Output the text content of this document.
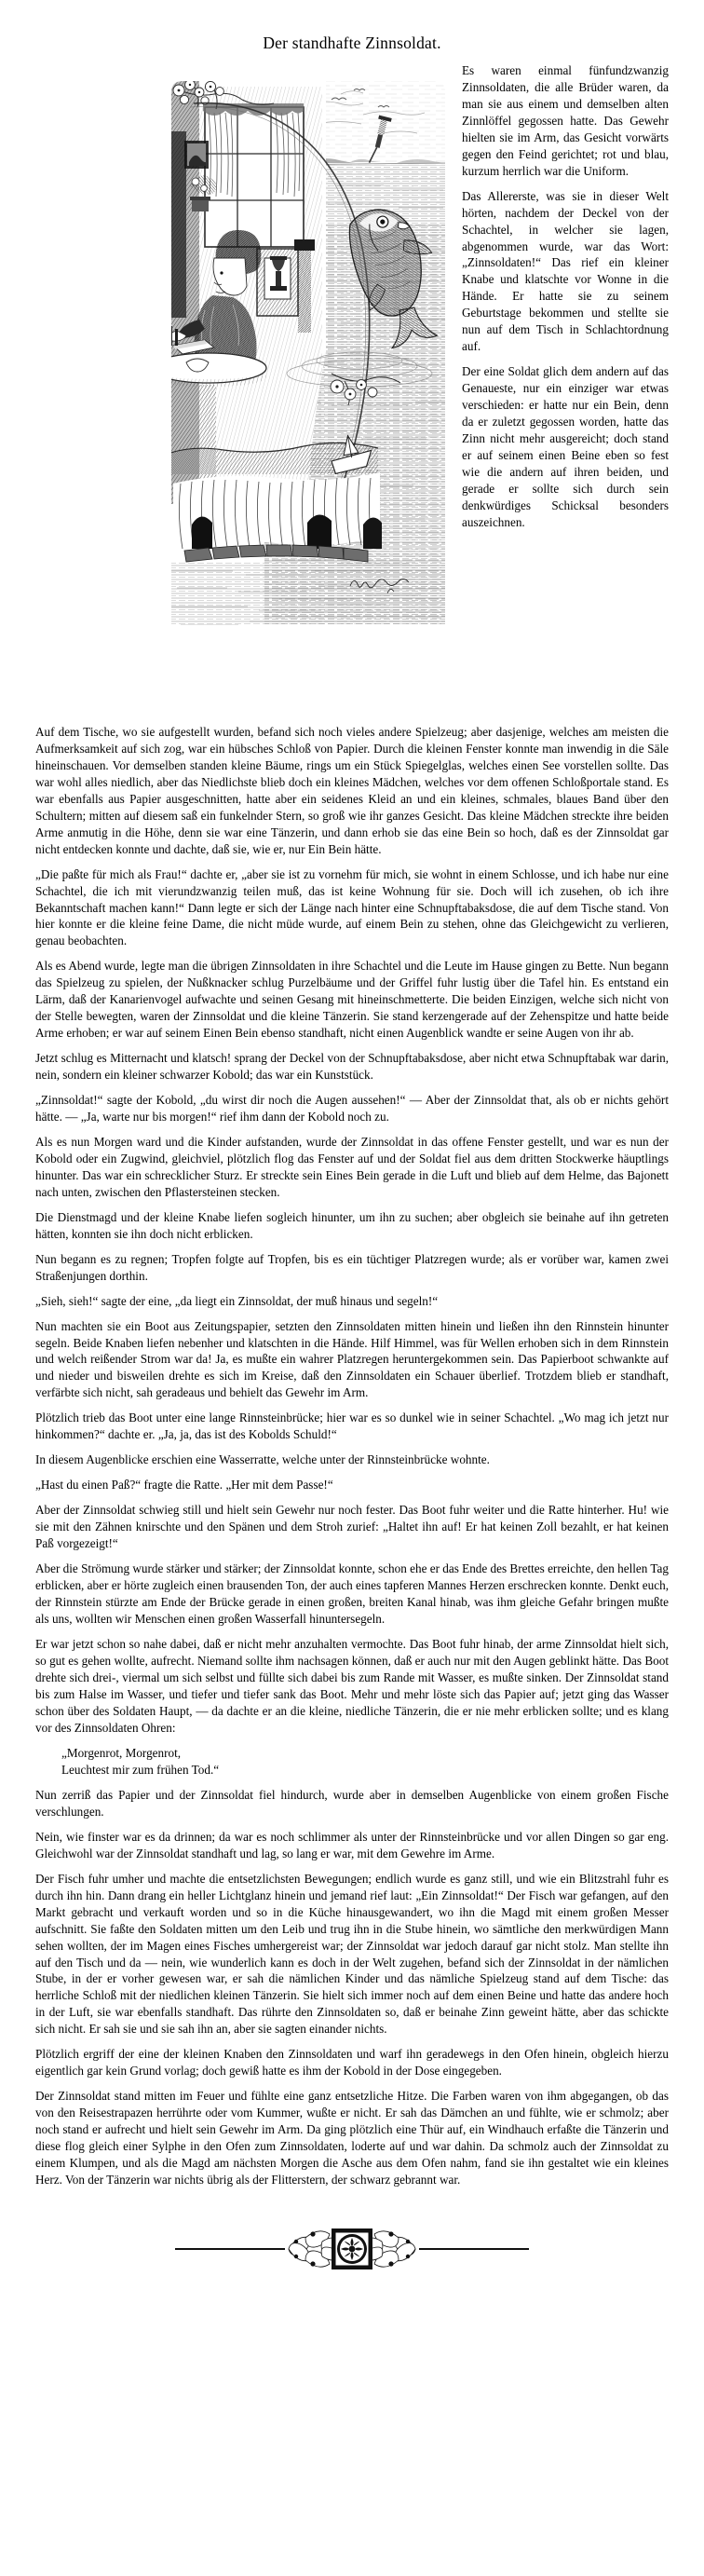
Der standhafte Zinnsoldat.

Es waren einmal fünfundzwanzig Zinnsoldaten, die alle Brüder waren, da man sie aus einem und demselben alten Zinnlöffel gegossen hatte. Das Gewehr hielten sie im Arm, das Gesicht vorwärts gegen den Feind gerichtet; rot und blau, kurzum herrlich war die Uniform.

Das Allererste, was sie in dieser Welt hörten, nachdem der Deckel von der Schachtel, in welcher sie lagen, abgenommen wurde, war das Wort: „Zinnsoldaten!“ Das rief ein kleiner Knabe und klatschte vor Wonne in die Hände. Er hatte sie zu seinem Geburtstage bekommen und stellte sie nun auf dem Tisch in Schlachtordnung auf.

Der eine Soldat glich dem andern auf das Genaueste, nur ein einziger war etwas verschieden: er hatte nur ein Bein, denn da er zuletzt gegossen worden, hatte das Zinn nicht mehr ausgereicht; doch stand er auf seinem einen Beine eben so fest wie die andern auf ihren beiden, und gerade er sollte sich durch sein denkwürdiges Schicksal besonders auszeichnen.

Auf dem Tische, wo sie aufgestellt wurden, befand sich noch vieles andere Spielzeug; aber dasjenige, welches am meisten die Aufmerksamkeit auf sich zog, war ein hübsches Schloß von Papier. Durch die kleinen Fenster konnte man inwendig in die Säle hineinschauen. Vor demselben standen kleine Bäume, rings um ein Stück Spiegelglas, welches einen See vorstellen sollte. Das war wohl alles niedlich, aber das Niedlichste blieb doch ein kleines Mädchen, welches vor dem offenen Schloßportale stand. Es war ebenfalls aus Papier ausgeschnitten, hatte aber ein seidenes Kleid an und ein kleines, schmales, blaues Band über den Schultern; mitten auf diesem saß ein funkelnder Stern, so groß wie ihr ganzes Gesicht. Das kleine Mädchen streckte ihre beiden Arme anmutig in die Höhe, denn sie war eine Tänzerin, und dann erhob sie das eine Bein so hoch, daß es der Zinnsoldat gar nicht entdecken konnte und dachte, daß sie, wie er, nur Ein Bein hätte.

„Die paßte für mich als Frau!“ dachte er, „aber sie ist zu vornehm für mich, sie wohnt in einem Schlosse, und ich habe nur eine Schachtel, die ich mit vierundzwanzig teilen muß, das ist keine Wohnung für sie. Doch will ich zusehen, ob ich ihre Bekanntschaft machen kann!“ Dann legte er sich der Länge nach hinter eine Schnupftabaksdose, die auf dem Tische stand. Von hier konnte er die kleine feine Dame, die nicht müde wurde, auf einem Bein zu stehen, ohne das Gleichgewicht zu verlieren, genau beobachten.

Als es Abend wurde, legte man die übrigen Zinnsoldaten in ihre Schachtel und die Leute im Hause gingen zu Bette. Nun begann das Spielzeug zu spielen, der Nußknacker schlug Purzelbäume und der Griffel fuhr lustig über die Tafel hin. Es entstand ein Lärm, daß der Kanarienvogel aufwachte und seinen Gesang mit hineinschmetterte. Die beiden Einzigen, welche sich nicht von der Stelle bewegten, waren der Zinnsoldat und die kleine Tänzerin. Sie stand kerzengerade auf der Zehenspitze und hatte beide Arme erhoben; er war auf seinem Einen Bein ebenso standhaft, nicht einen Augenblick wandte er seine Augen von ihr ab.

Jetzt schlug es Mitternacht und klatsch! sprang der Deckel von der Schnupftabaksdose, aber nicht etwa Schnupftabak war darin, nein, sondern ein kleiner schwarzer Kobold; das war ein Kunststück.

„Zinnsoldat!“ sagte der Kobold, „du wirst dir noch die Augen aussehen!“ — Aber der Zinnsoldat that, als ob er nichts gehört hätte. — „Ja, warte nur bis morgen!“ rief ihm dann der Kobold noch zu.

Als es nun Morgen ward und die Kinder aufstanden, wurde der Zinnsoldat in das offene Fenster gestellt, und war es nun der Kobold oder ein Zugwind, gleichviel, plötzlich flog das Fenster auf und der Soldat fiel aus dem dritten Stockwerke häuptlings hinunter. Das war ein schrecklicher Sturz. Er streckte sein Eines Bein gerade in die Luft und blieb auf dem Helme, das Bajonett nach unten, zwischen den Pflastersteinen stecken.

Die Dienstmagd und der kleine Knabe liefen sogleich hinunter, um ihn zu suchen; aber obgleich sie beinahe auf ihn getreten hätten, konnten sie ihn doch nicht erblicken.

Nun begann es zu regnen; Tropfen folgte auf Tropfen, bis es ein tüchtiger Platzregen wurde; als er vorüber war, kamen zwei Straßenjungen dorthin.

„Sieh, sieh!“ sagte der eine, „da liegt ein Zinnsoldat, der muß hinaus und segeln!“

Nun machten sie ein Boot aus Zeitungspapier, setzten den Zinnsoldaten mitten hinein und ließen ihn den Rinnstein hinunter segeln. Beide Knaben liefen nebenher und klatschten in die Hände. Hilf Himmel, was für Wellen erhoben sich in dem Rinnstein und welch reißender Strom war da! Ja, es mußte ein wahrer Platzregen heruntergekommen sein. Das Papierboot schwankte auf und nieder und bisweilen drehte es sich im Kreise, daß den Zinnsoldaten ein Schauer überlief. Trotzdem blieb er standhaft, verfärbte sich nicht, sah geradeaus und behielt das Gewehr im Arm.

Plötzlich trieb das Boot unter eine lange Rinnsteinbrücke; hier war es so dunkel wie in seiner Schachtel. „Wo mag ich jetzt nur hinkommen?“ dachte er. „Ja, ja, das ist des Kobolds Schuld!“

In diesem Augenblicke erschien eine Wasserratte, welche unter der Rinnsteinbrücke wohnte.

„Hast du einen Paß?“ fragte die Ratte. „Her mit dem Passe!“

Aber der Zinnsoldat schwieg still und hielt sein Gewehr nur noch fester. Das Boot fuhr weiter und die Ratte hinterher. Hu! wie sie mit den Zähnen knirschte und den Spänen und dem Stroh zurief: „Haltet ihn auf! Er hat keinen Zoll bezahlt, er hat keinen Paß vorgezeigt!“

Aber die Strömung wurde stärker und stärker; der Zinnsoldat konnte, schon ehe er das Ende des Brettes erreichte, den hellen Tag erblicken, aber er hörte zugleich einen brausenden Ton, der auch eines tapferen Mannes Herzen erschrecken konnte. Denkt euch, der Rinnstein stürzte am Ende der Brücke gerade in einen großen, breiten Kanal hinab, was ihm gleiche Gefahr bringen mußte als uns, wollten wir Menschen einen großen Wasserfall hinuntersegeln.

Er war jetzt schon so nahe dabei, daß er nicht mehr anzuhalten vermochte. Das Boot fuhr hinab, der arme Zinnsoldat hielt sich, so gut es gehen wollte, aufrecht. Niemand sollte ihm nachsagen können, daß er auch nur mit den Augen geblinkt hätte. Das Boot drehte sich drei-, viermal um sich selbst und füllte sich dabei bis zum Rande mit Wasser, es mußte sinken. Der Zinnsoldat stand bis zum Halse im Wasser, und tiefer und tiefer sank das Boot. Mehr und mehr löste sich das Papier auf; jetzt ging das Wasser schon über des Soldaten Haupt, — da dachte er an die kleine, niedliche Tänzerin, die er nie mehr erblicken sollte; und es klang vor des Zinnsoldaten Ohren:

„Morgenrot, Morgenrot,
Leuchtest mir zum frühen Tod.“

Nun zerriß das Papier und der Zinnsoldat fiel hindurch, wurde aber in demselben Augenblicke von einem großen Fische verschlungen.

Nein, wie finster war es da drinnen; da war es noch schlimmer als unter der Rinnsteinbrücke und vor allen Dingen so gar eng. Gleichwohl war der Zinnsoldat standhaft und lag, so lang er war, mit dem Gewehre im Arme.

Der Fisch fuhr umher und machte die entsetzlichsten Bewegungen; endlich wurde es ganz still, und wie ein Blitzstrahl fuhr es durch ihn hin. Dann drang ein heller Lichtglanz hinein und jemand rief laut: „Ein Zinnsoldat!“ Der Fisch war gefangen, auf den Markt gebracht und verkauft worden und so in die Küche hinausgewandert, wo ihn die Magd mit einem großen Messer aufschnitt. Sie faßte den Soldaten mitten um den Leib und trug ihn in die Stube hinein, wo sämtliche den merkwürdigen Mann sehen wollten, der im Magen eines Fisches umhergereist war; der Zinnsoldat war jedoch darauf gar nicht stolz. Man stellte ihn auf den Tisch und da — nein, wie wunderlich kann es doch in der Welt zugehen, befand sich der Zinnsoldat in der nämlichen Stube, in der er vorher gewesen war, er sah die nämlichen Kinder und das nämliche Spielzeug stand auf dem Tische: das herrliche Schloß mit der niedlichen kleinen Tänzerin. Sie hielt sich immer noch auf dem einen Beine und hatte das andere hoch in der Luft, sie war ebenfalls standhaft. Das rührte den Zinnsoldaten so, daß er beinahe Zinn geweint hätte, aber das schickte sich nicht. Er sah sie und sie sah ihn an, aber sie sagten einander nichts.

Plötzlich ergriff der eine der kleinen Knaben den Zinnsoldaten und warf ihn geradewegs in den Ofen hinein, obgleich hierzu eigentlich gar kein Grund vorlag; doch gewiß hatte es ihm der Kobold in der Dose eingegeben.

Der Zinnsoldat stand mitten im Feuer und fühlte eine ganz entsetzliche Hitze. Die Farben waren von ihm abgegangen, ob das von den Reisestrapazen herrührte oder vom Kummer, wußte er nicht. Er sah das Dämchen an und fühlte, wie er schmolz; aber noch stand er aufrecht und hielt sein Gewehr im Arm. Da ging plötzlich eine Thür auf, ein Windhauch erfaßte die Tänzerin und diese flog gleich einer Sylphe in den Ofen zum Zinnsoldaten, loderte auf und war dahin. Da schmolz auch der Zinnsoldat zu einem Klumpen, und als die Magd am nächsten Morgen die Asche aus dem Ofen nahm, fand sie ihn gestaltet wie ein kleines Herz. Von der Tänzerin war nichts übrig als der Flitterstern, der schwarz gebrannt war.
